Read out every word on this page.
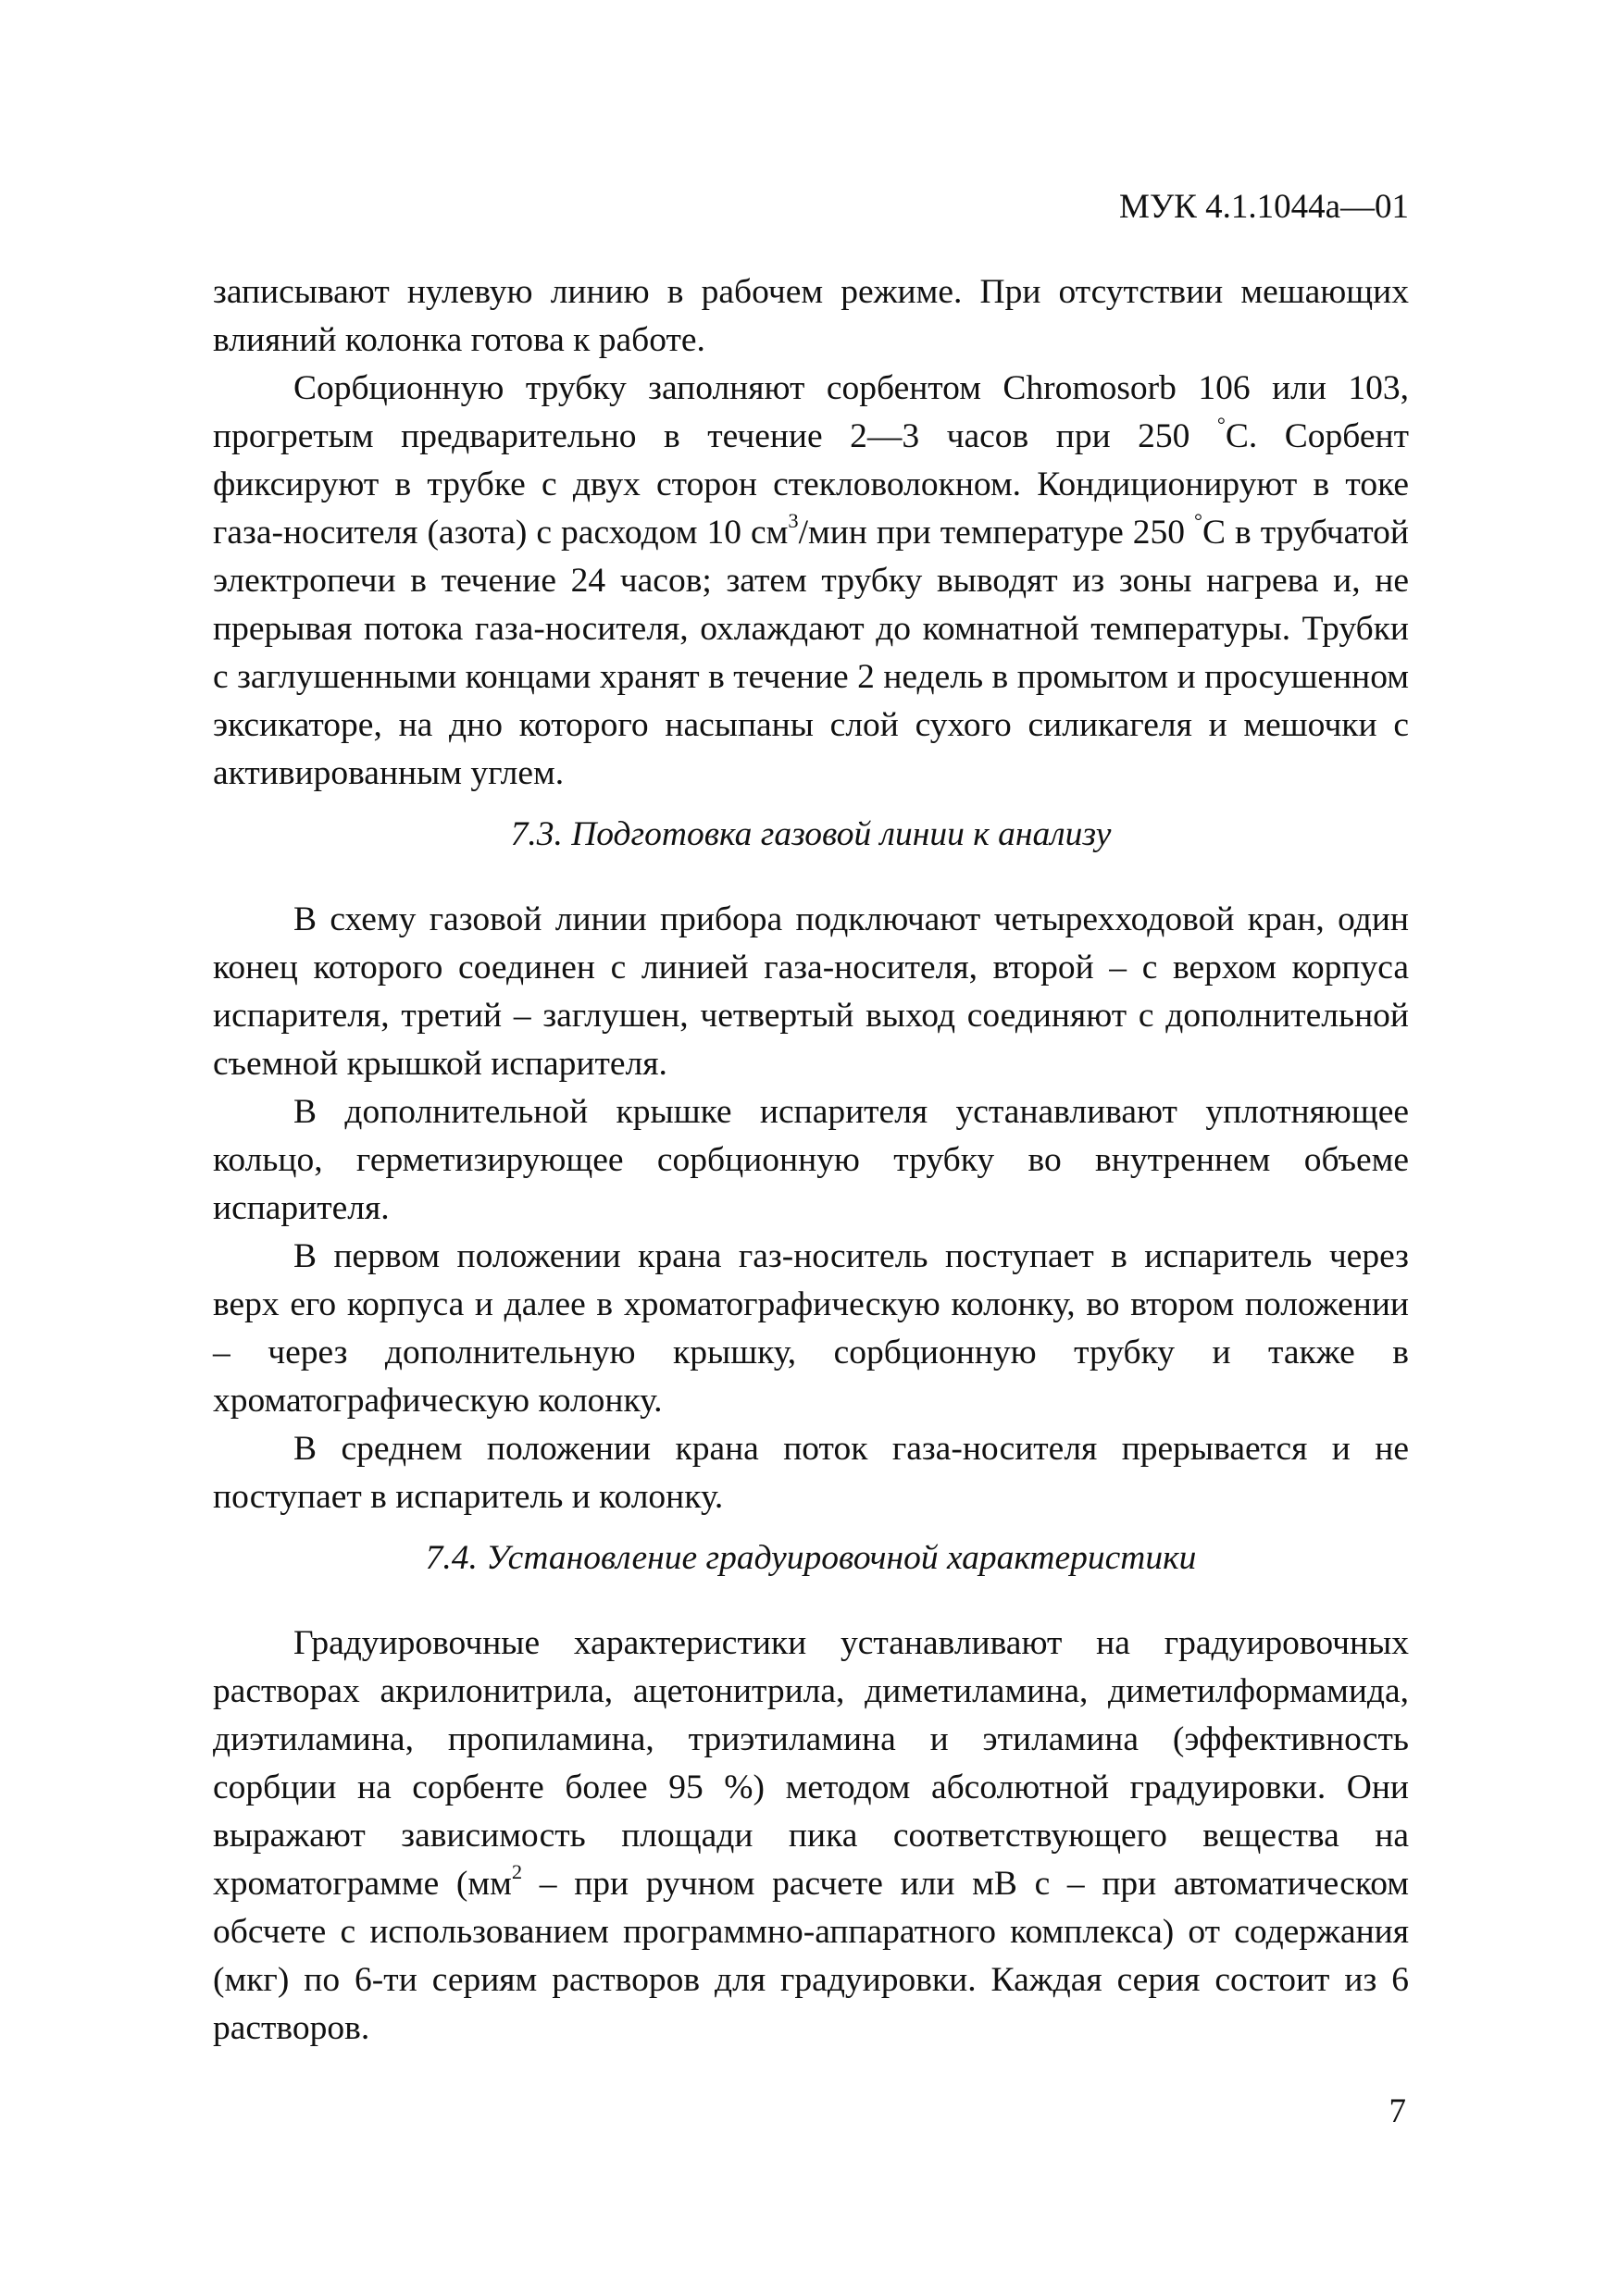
МУК 4.1.1044а—01

записывают нулевую линию в рабочем режиме. При отсутствии мешающих влияний колонка готова к работе.

Сорбционную трубку заполняют сорбентом Chromosorb 106 или 103, прогретым предварительно в течение 2—3 часов при 250 °С. Сорбент фиксируют в трубке с двух сторон стекловолокном. Кондиционируют в токе газа-носителя (азота) с расходом 10 $см^3$/мин при температуре 250 °С в трубчатой электропечи в течение 24 часов; затем трубку выводят из зоны нагрева и, не прерывая потока газа-носителя, охлаждают до комнатной температуры. Трубки с заглушенными концами хранят в течение 2 недель в промытом и просушенном эксикаторе, на дно которого насыпаны слой сухого силикагеля и мешочки с активированным углем.

7.3. Подготовка газовой линии к анализу

В схему газовой линии прибора подключают четырехходовой кран, один конец которого соединен с линией газа-носителя, второй – с верхом корпуса испарителя, третий – заглушен, четвертый выход соединяют с дополнительной съемной крышкой испарителя.

В дополнительной крышке испарителя устанавливают уплотняющее кольцо, герметизирующее сорбционную трубку во внутреннем объеме испарителя.

В первом положении крана газ-носитель поступает в испаритель через верх его корпуса и далее в хроматографическую колонку, во втором положении – через дополнительную крышку, сорбционную трубку и также в хроматографическую колонку.

В среднем положении крана поток газа-носителя прерывается и не поступает в испаритель и колонку.

7.4. Установление градуировочной характеристики

Градуировочные характеристики устанавливают на градуировочных растворах акрилонитрила, ацетонитрила, диметиламина, диметилформамида, диэтиламина, пропиламина, триэтиламина и этиламина (эффективность сорбции на сорбенте более 95 %) методом абсолютной градуировки. Они выражают зависимость площади пика соответствующего вещества на хроматограмме ($мм^2$ – при ручном расчете или мВ с – при автоматическом обсчете с использованием программно-аппаратного комплекса) от содержания (мкг) по 6-ти сериям растворов для градуировки. Каждая серия состоит из 6 растворов.

7
